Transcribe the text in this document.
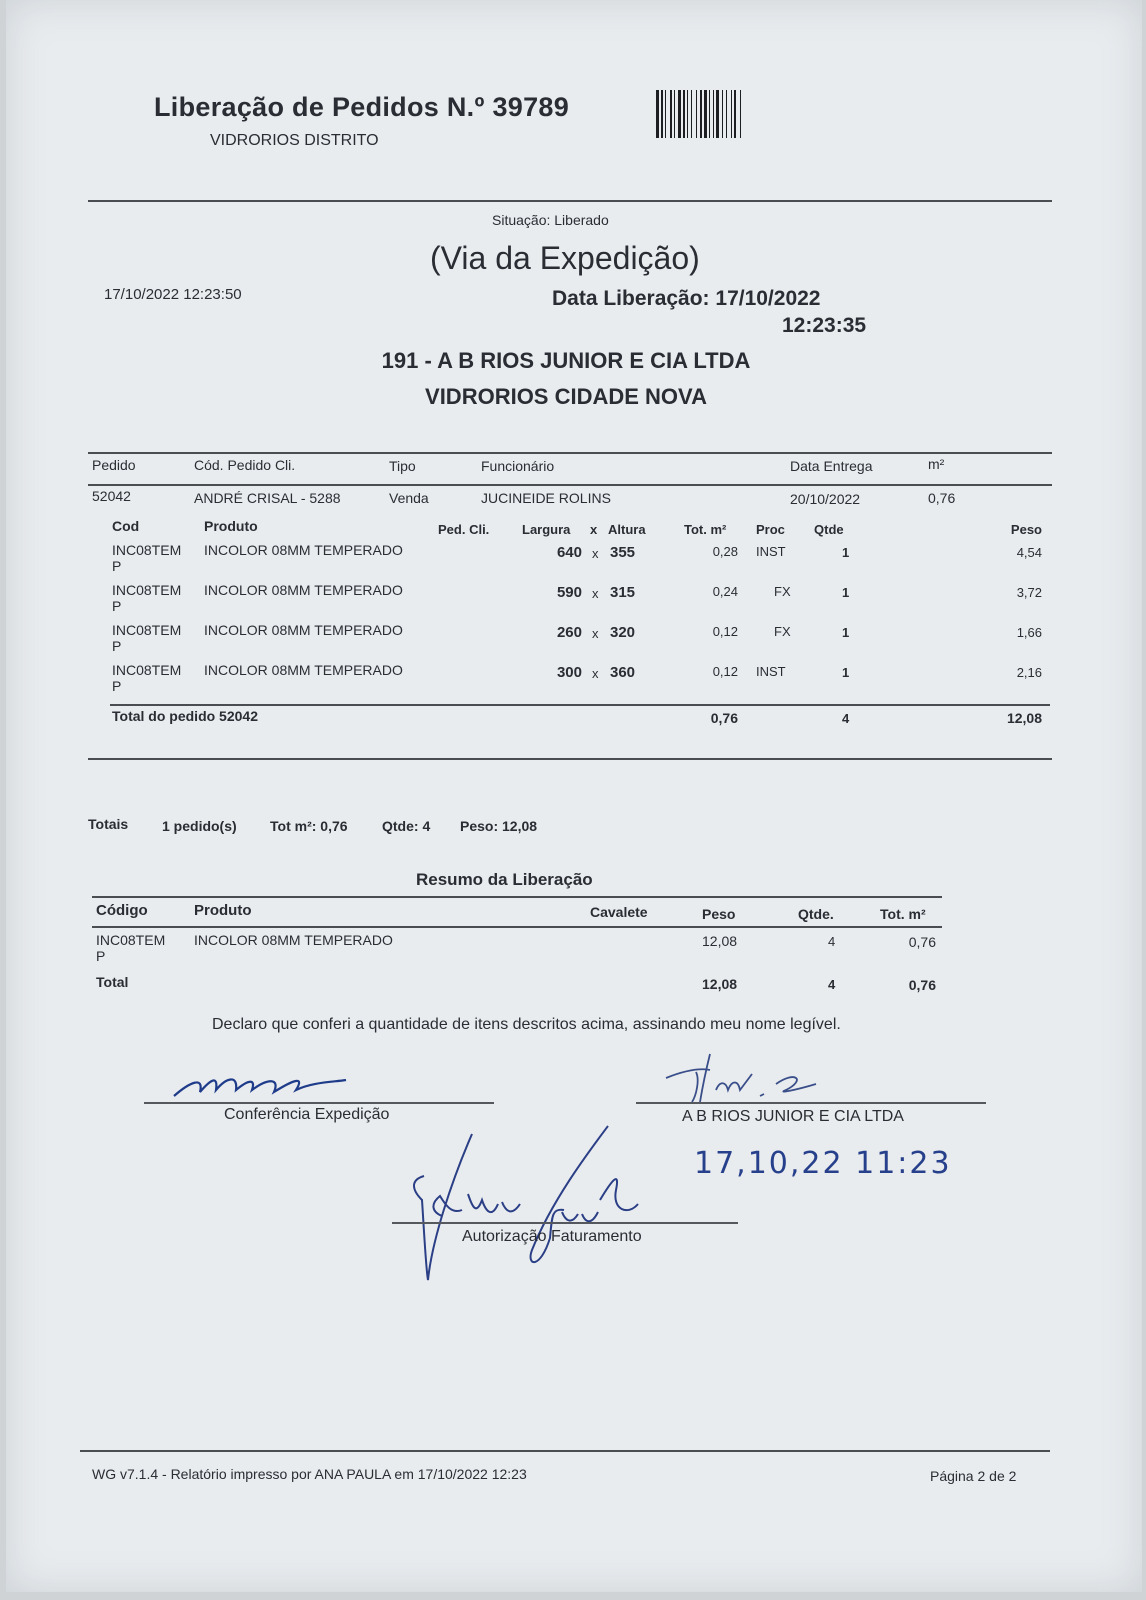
Liberação de Pedidos N.º 39789
VIDRORIOS DISTRITO
Situação: Liberado
(Via da Expedição)
17/10/2022 12:23:50	Data Liberação: 17/10/2022
12:23:35
191 - A B RIOS JUNIOR E CIA LTDA
VIDRORIOS CIDADE NOVA
Pedido	Cód. Pedido Cli.	Tipo	Funcionário	Data Entrega	m²
52042	ANDRÉ CRISAL - 5288	Venda	JUCINEIDE ROLINS	20/10/2022	0,76
Cod	Produto	Ped. Cli.	Largura x Altura	Tot. m² Proc Qtde	Peso
INC08TEM
P
INCOLOR 08MM TEMPERADO	640 x 355	0,28 INST	1	4,54
INC08TEM
P
INCOLOR 08MM TEMPERADO	590 x 315	0,24	FX	1	3,72
INC08TEM
P
INCOLOR 08MM TEMPERADO	260 x 320	0,12	FX	1	1,66
INC08TEM
P
INCOLOR 08MM TEMPERADO	300 x 360	0,12 INST	1	2,16
Total do pedido 52042	0,76	4	12,08
Totais 1 pedido(s) Tot m²: 0,76 Qtde: 4 Peso: 12,08
Resumo da Liberação
Código	Produto	Cavalete	Peso	Qtde.	Tot. m²
INC08TEM
P
INCOLOR 08MM TEMPERADO	12,08	4	0,76
Total	12,08	4	0,76
Declaro que conferi a quantidade de itens descritos acima, assinando meu nome legível.
Conferência Expedição	A B RIOS JUNIOR E CIA LTDA
17,10,22 11:23
Autorização Faturamento
WG v7.1.4 - Relatório impresso por ANA PAULA em 17/10/2022 12:23	Página 2 de 2
